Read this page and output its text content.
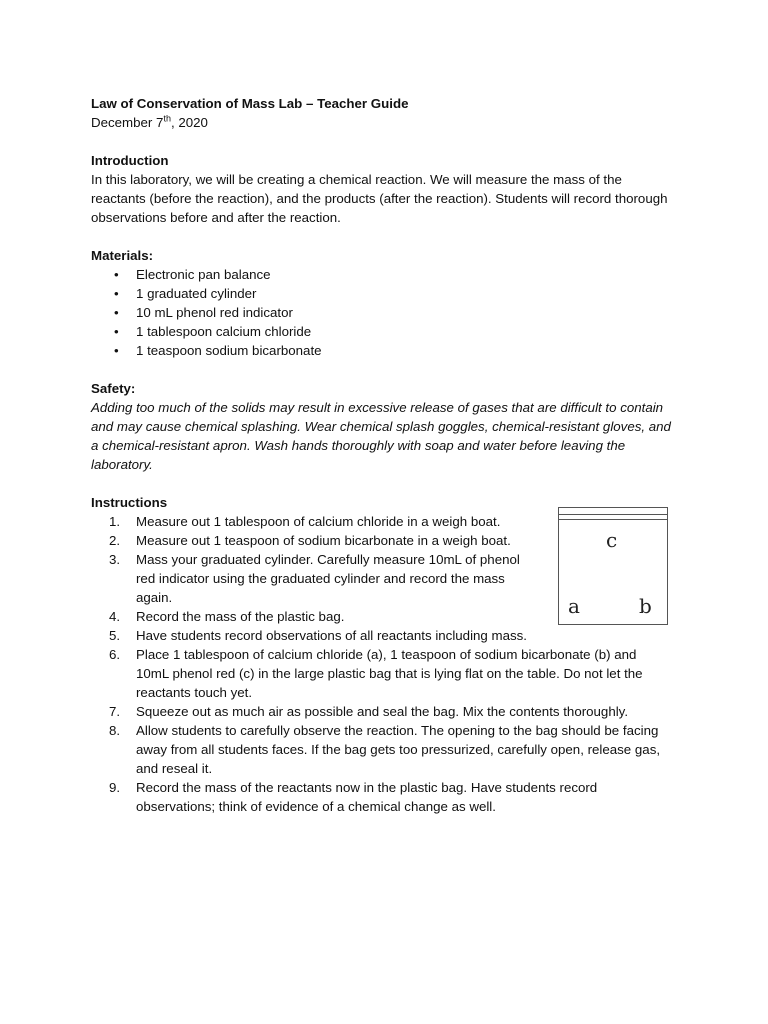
Law of Conservation of Mass Lab – Teacher Guide
December 7th, 2020
Introduction

In this laboratory, we will be creating a chemical reaction. We will measure the mass of the reactants (before the reaction), and the products (after the reaction). Students will record thorough observations before and after the reaction.

Materials:
• Electronic pan balance
• 1 graduated cylinder
• 10 mL phenol red indicator
• 1 tablespoon calcium chloride
• 1 teaspoon sodium bicarbonate
Safety:

Adding too much of the solids may result in excessive release of gases that are difficult to contain and may cause chemical splashing. Wear chemical splash goggles, chemical-resistant gloves, and a chemical-resistant apron. Wash hands thoroughly with soap and water before leaving the laboratory.

Instructions
1. Measure out 1 tablespoon of calcium chloride in a weigh boat.
2. Measure out 1 teaspoon of sodium bicarbonate in a weigh boat.
3. Mass your graduated cylinder. Carefully measure 10mL of phenol red indicator using the graduated cylinder and record the mass again.
4. Record the mass of the plastic bag.
5. Have students record observations of all reactants including mass.
6. Place 1 tablespoon of calcium chloride (a), 1 teaspoon of sodium bicarbonate (b) and 10mL phenol red (c) in the large plastic bag that is lying flat on the table. Do not let the reactants touch yet.
7. Squeeze out as much air as possible and seal the bag. Mix the contents thoroughly.
8. Allow students to carefully observe the reaction. The opening to the bag should be facing away from all students faces. If the bag gets too pressurized, carefully open, release gas, and reseal it.
9. Record the mass of the reactants now in the plastic bag. Have students record observations; think of evidence of a chemical change as well.
c
a	b
